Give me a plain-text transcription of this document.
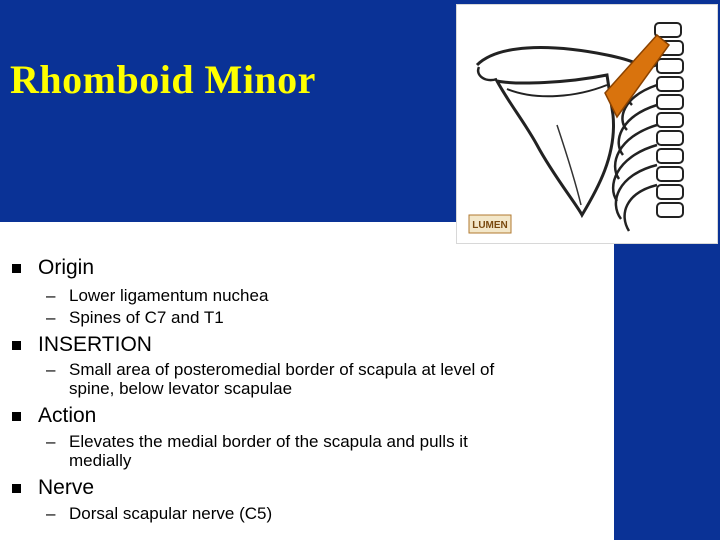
Rhomboid Minor
Origin
– Lower ligamentum nuchea
– Spines of C7 and T1
INSERTION
– Small area of posteromedial border of scapula at level of
spine, below levator scapulae
Action
– Elevates the medial border of the scapula and pulls it
medially
Nerve
– Dorsal scapular nerve (C5)
LUMEN
